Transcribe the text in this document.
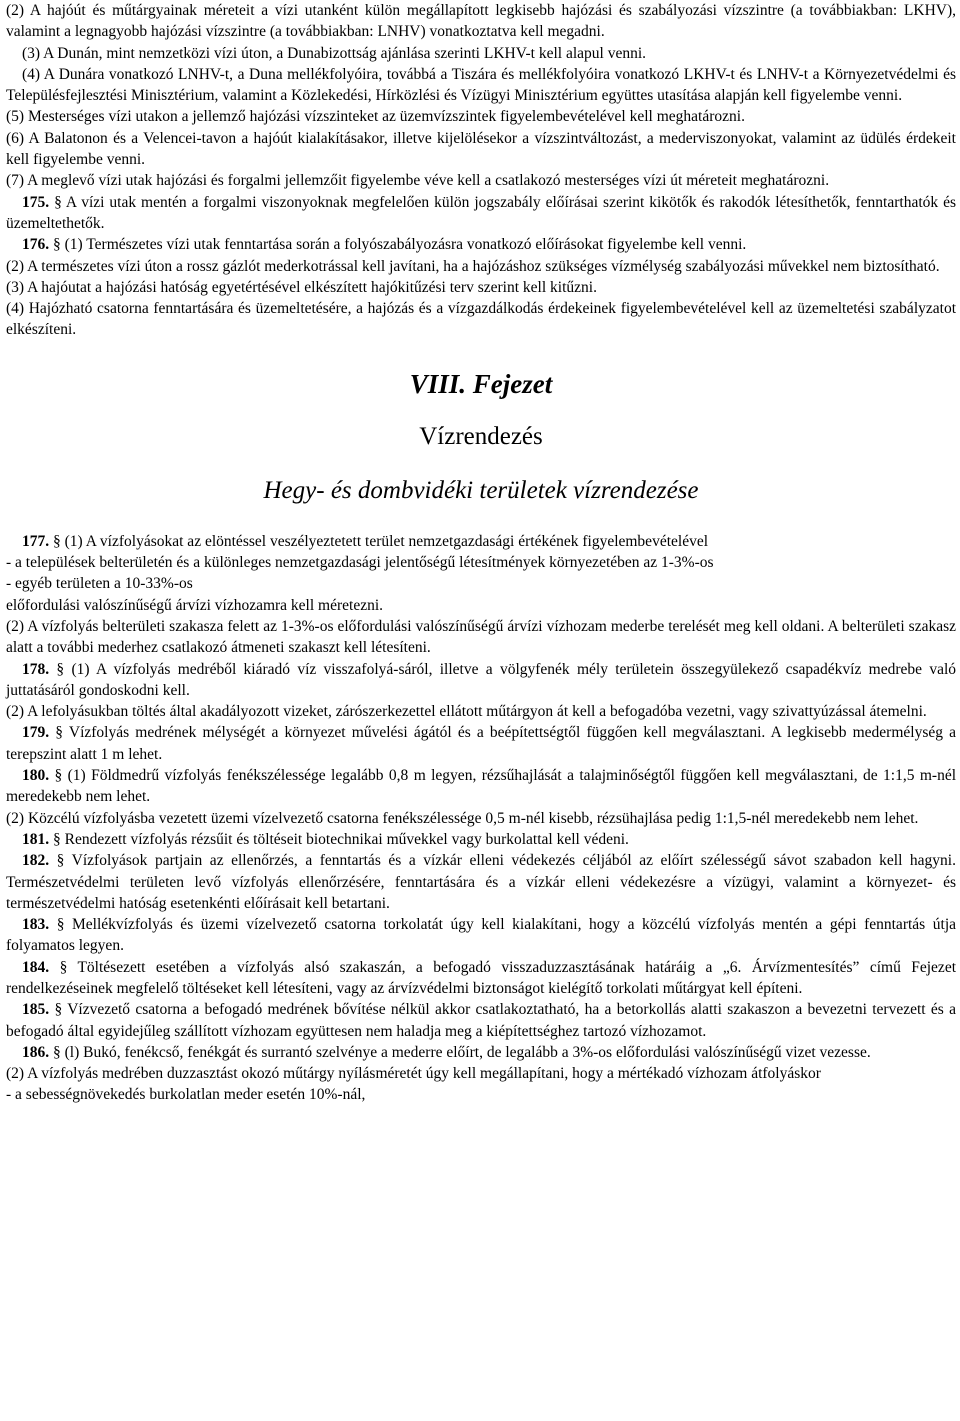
(2) A hajóút és műtárgyainak méreteit a vízi utanként külön megállapított legkisebb hajózási és szabályozási vízszintre (a továbbiakban: LKHV), valamint a legnagyobb hajózási vízszintre (a továbbiakban: LNHV) vonatkoztatva kell megadni.

(3) A Dunán, mint nemzetközi vízi úton, a Dunabizottság ajánlása szerinti LKHV-t kell alapul venni.

(4) A Dunára vonatkozó LNHV-t, a Duna mellékfolyóira, továbbá a Tiszára és mellékfolyóira vonatkozó LKHV-t és LNHV-t a Környezetvédelmi és Településfejlesztési Minisztérium, valamint a Közlekedési, Hírközlési és Vízügyi Minisztérium együttes utasítása alapján kell figyelembe venni.

(5) Mesterséges vízi utakon a jellemző hajózási vízszinteket az üzemvízszintek figyelembevételével kell meghatározni.

(6) A Balatonon és a Velencei-tavon a hajóút kialakításakor, illetve kijelölésekor a vízszintváltozást, a mederviszonyokat, valamint az üdülés érdekeit kell figyelembe venni.

(7) A meglevő vízi utak hajózási és forgalmi jellemzőit figyelembe véve kell a csatlakozó mesterséges vízi út méreteit meghatározni.

175. § A vízi utak mentén a forgalmi viszonyoknak megfelelően külön jogszabály előírásai szerint kikötők és rakodók létesíthetők, fenntarthatók és üzemeltethetők.

176. § (1) Természetes vízi utak fenntartása során a folyószabályozásra vonatkozó előírásokat figyelembe kell venni.

(2) A természetes vízi úton a rossz gázlót mederkotrással kell javítani, ha a hajózáshoz szükséges vízmélység szabályozási művekkel nem biztosítható.

(3) A hajóutat a hajózási hatóság egyetértésével elkészített hajókitűzési terv szerint kell kitűzni.

(4) Hajózható csatorna fenntartására és üzemeltetésére, a hajózás és a vízgazdálkodás érdekeinek figyelembevételével kell az üzemeltetési szabályzatot elkészíteni.

VIII. Fejezet
Vízrendezés
Hegy- és dombvidéki területek vízrendezése

177. § (1) A vízfolyásokat az elöntéssel veszélyeztetett terület nemzetgazdasági értékének figyelembevételével

- a települések belterületén és a különleges nemzetgazdasági jelentőségű létesítmények környezetében az 1-3%-os

- egyéb területen a 10-33%-os

előfordulási valószínűségű árvízi vízhozamra kell méretezni.

(2) A vízfolyás belterületi szakasza felett az 1-3%-os előfordulási valószínűségű árvízi vízhozam mederbe terelését meg kell oldani. A belterületi szakasz alatt a további mederhez csatlakozó átmeneti szakaszt kell létesíteni.

178. § (1) A vízfolyás medréből kiáradó víz visszafolyá-sáról, illetve a völgyfenék mély területein összegyülekező csapadékvíz medrebe való juttatásáról gondoskodni kell.

(2) A lefolyásukban töltés által akadályozott vizeket, zárószerkezettel ellátott műtárgyon át kell a befogadóba vezetni, vagy szivattyúzással átemelni.

179. § Vízfolyás medrének mélységét a környezet művelési ágától és a beépítettségtől függően kell megválasztani. A legkisebb medermélység a terepszint alatt 1 m lehet.

180. § (1) Földmedrű vízfolyás fenékszélessége legalább 0,8 m legyen, rézsűhajlását a talajminőségtől függően kell megválasztani, de 1:1,5 m-nél meredekebb nem lehet.

(2) Közcélú vízfolyásba vezetett üzemi vízelvezető csatorna fenékszélessége 0,5 m-nél kisebb, rézsühajlása pedig 1:1,5-nél meredekebb nem lehet.

181. § Rendezett vízfolyás rézsűit és töltéseit biotechnikai művekkel vagy burkolattal kell védeni.

182. § Vízfolyások partjain az ellenőrzés, a fenntartás és a vízkár elleni védekezés céljából az előírt szélességű sávot szabadon kell hagyni. Természetvédelmi területen levő vízfolyás ellenőrzésére, fenntartására és a vízkár elleni védekezésre a vízügyi, valamint a környezet- és természetvédelmi hatóság esetenkénti előírásait kell betartani.

183. § Mellékvízfolyás és üzemi vízelvezető csatorna torkolatát úgy kell kialakítani, hogy a közcélú vízfolyás mentén a gépi fenntartás útja folyamatos legyen.

184. § Töltésezett esetében a vízfolyás alsó szakaszán, a befogadó visszaduzzasztásának határáig a „6. Árvízmentesítés” című Fejezet rendelkezéseinek megfelelő töltéseket kell létesíteni, vagy az árvízvédelmi biztonságot kielégítő torkolati műtárgyat kell építeni.

185. § Vízvezető csatorna a befogadó medrének bővítése nélkül akkor csatlakoztatható, ha a betorkollás alatti szakaszon a bevezetni tervezett és a befogadó által egyidejűleg szállított vízhozam együttesen nem haladja meg a kiépítettséghez tartozó vízhozamot.

186. § (l) Bukó, fenékcső, fenékgát és surrantó szelvénye a mederre előírt, de legalább a 3%-os előfordulási valószínűségű vizet vezesse.

(2) A vízfolyás medrében duzzasztást okozó műtárgy nyílásméretét úgy kell megállapítani, hogy a mértékadó vízhozam átfolyáskor

- a sebességnövekedés burkolatlan meder esetén 10%-nál,
